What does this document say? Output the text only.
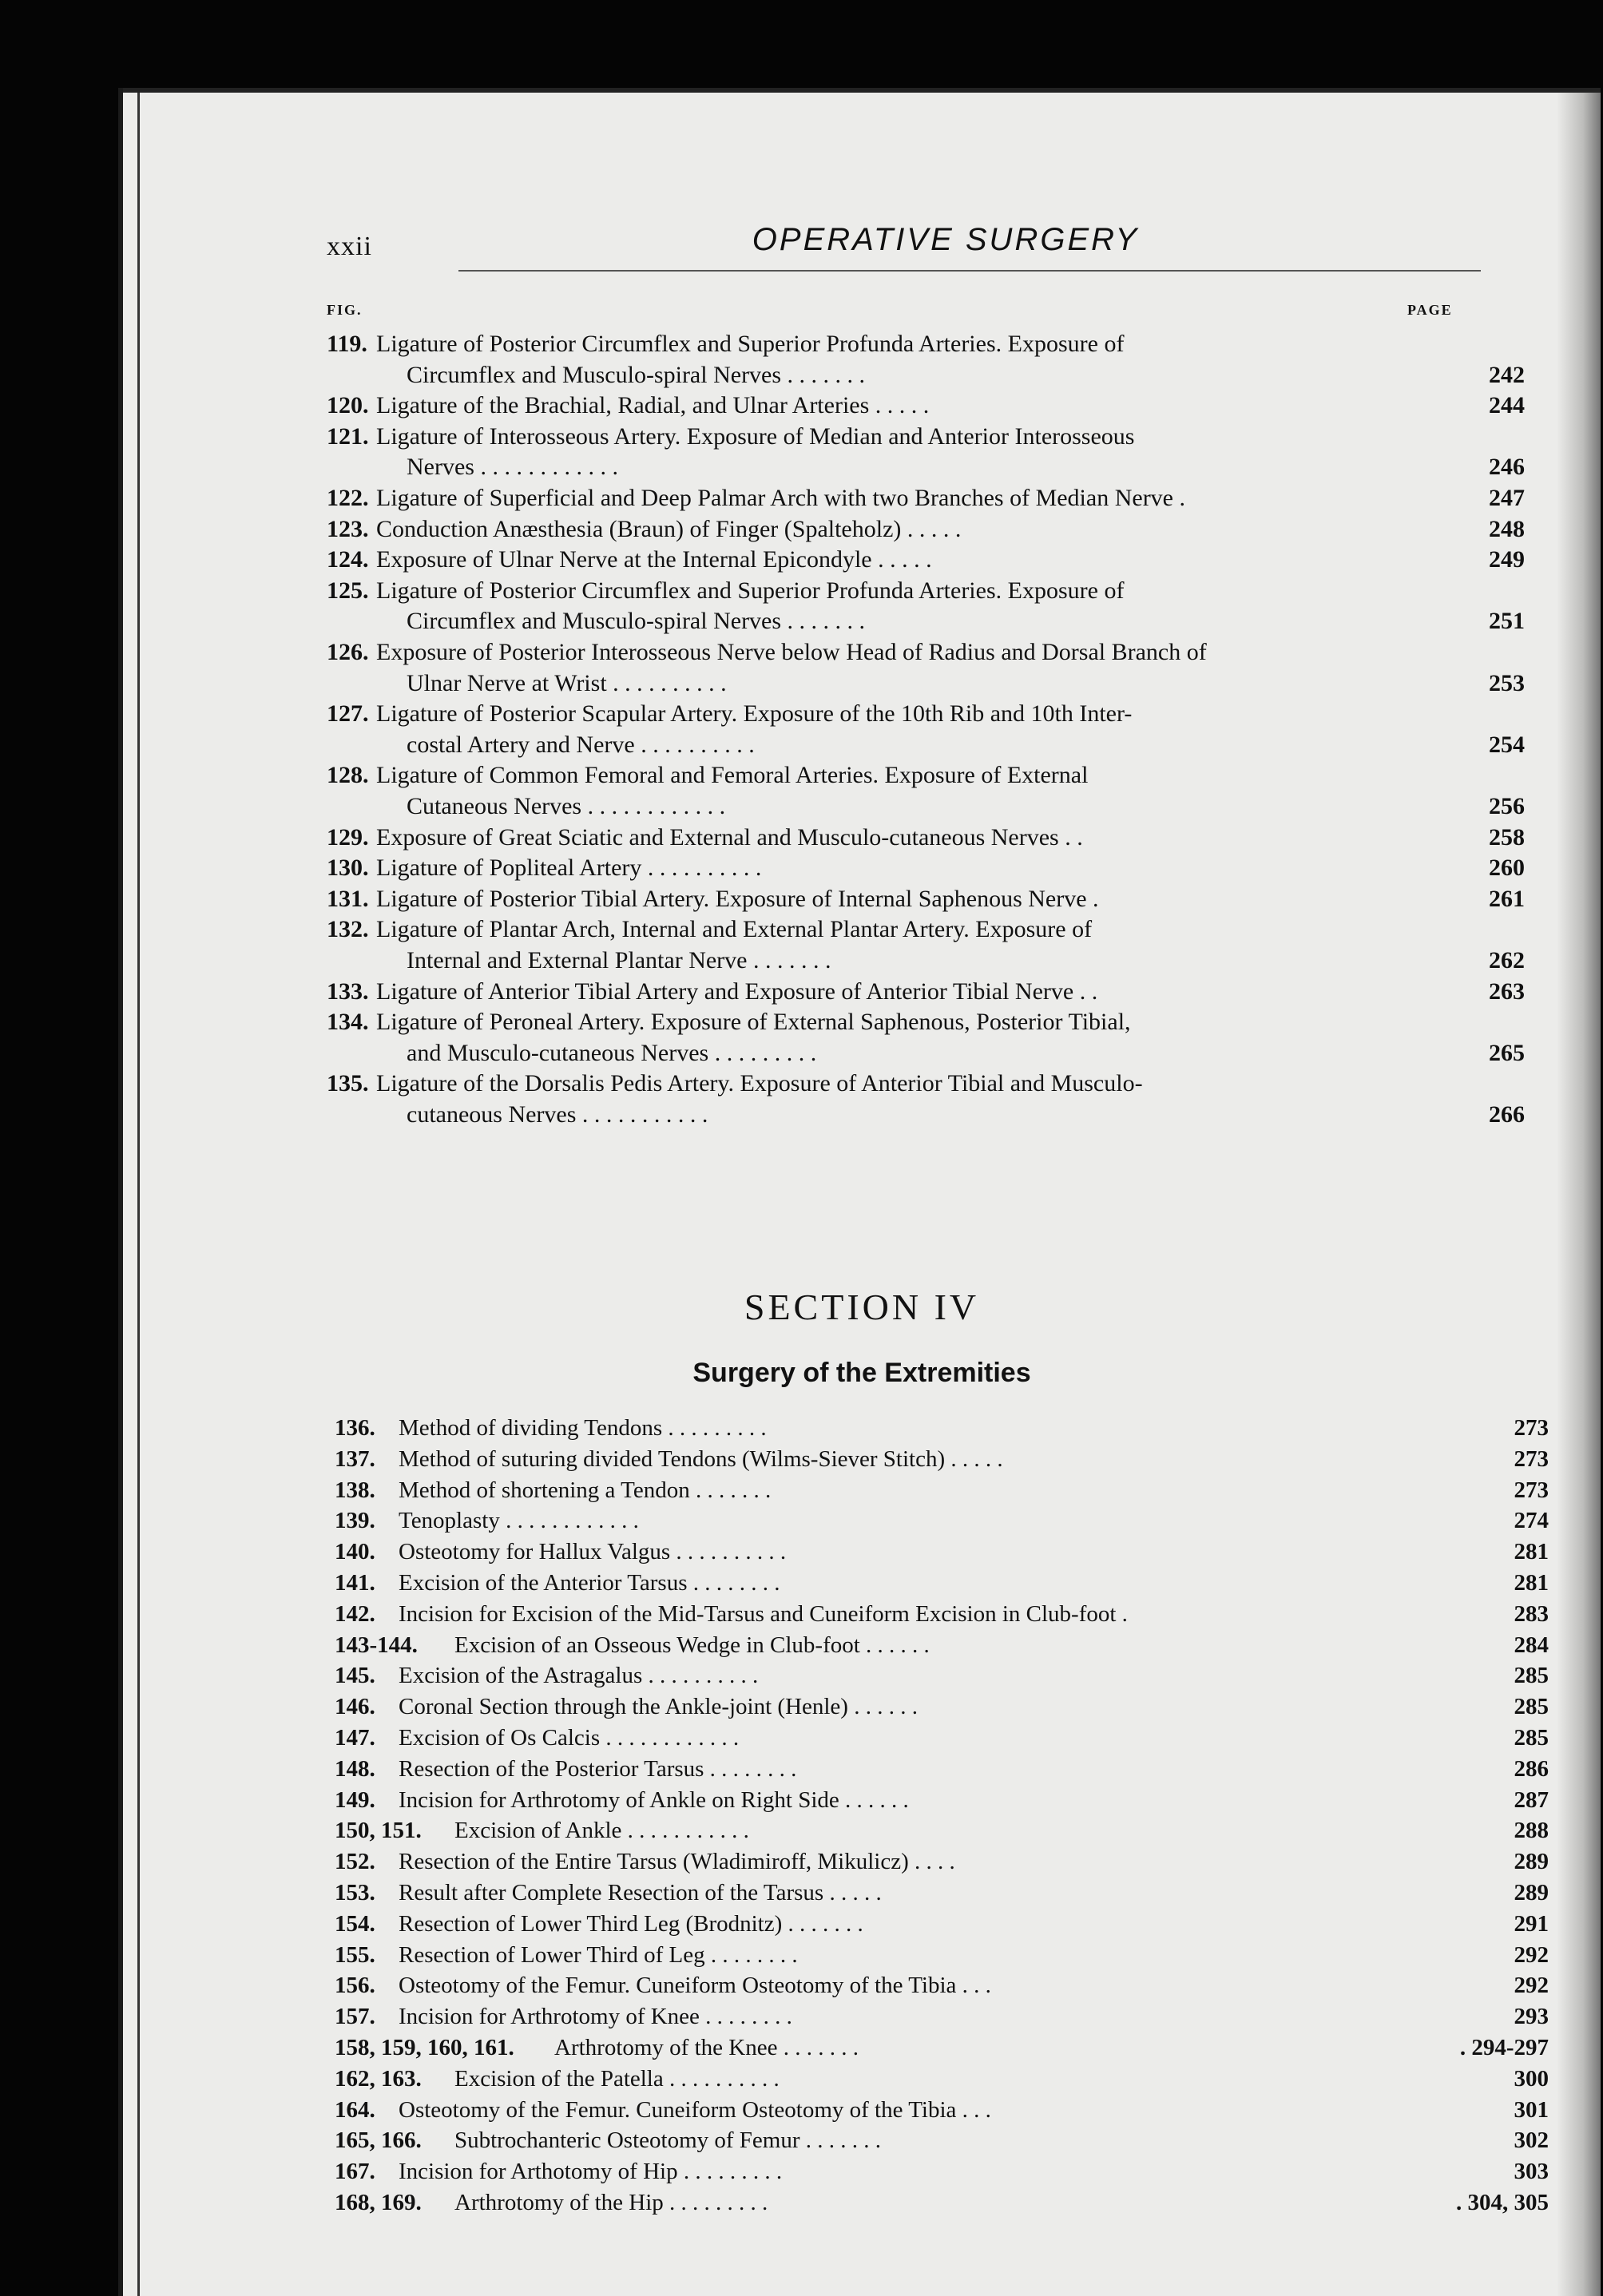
xxii	OPERATIVE SURGERY
FIG.	PAGE
119. Ligature of Posterior Circumflex and Superior Profunda Arteries. Exposure of
Circumflex and Musculo-spiral Nerves . . . . . . .	242
120. Ligature of the Brachial, Radial, and Ulnar Arteries . . . . .	244
121. Ligature of Interosseous Artery. Exposure of Median and Anterior Interosseous
Nerves . . . . . . . . . . . .	246
122. Ligature of Superficial and Deep Palmar Arch with two Branches of Median Nerve .	247
123. Conduction Anæsthesia (Braun) of Finger (Spalteholz) . . . . .	248
124. Exposure of Ulnar Nerve at the Internal Epicondyle . . . . .	249
125. Ligature of Posterior Circumflex and Superior Profunda Arteries. Exposure of
Circumflex and Musculo-spiral Nerves . . . . . . .	251
126. Exposure of Posterior Interosseous Nerve below Head of Radius and Dorsal Branch of
Ulnar Nerve at Wrist . . . . . . . . . .	253
127. Ligature of Posterior Scapular Artery. Exposure of the 10th Rib and 10th Inter-
costal Artery and Nerve . . . . . . . . . .	254
128. Ligature of Common Femoral and Femoral Arteries. Exposure of External
Cutaneous Nerves . . . . . . . . . . . .	256
129. Exposure of Great Sciatic and External and Musculo-cutaneous Nerves . .	258
130. Ligature of Popliteal Artery . . . . . . . . . .	260
131. Ligature of Posterior Tibial Artery. Exposure of Internal Saphenous Nerve .	261
132. Ligature of Plantar Arch, Internal and External Plantar Artery. Exposure of
Internal and External Plantar Nerve . . . . . . .	262
133. Ligature of Anterior Tibial Artery and Exposure of Anterior Tibial Nerve . .	263
134. Ligature of Peroneal Artery. Exposure of External Saphenous, Posterior Tibial,
and Musculo-cutaneous Nerves . . . . . . . . .	265
135. Ligature of the Dorsalis Pedis Artery. Exposure of Anterior Tibial and Musculo-
cutaneous Nerves . . . . . . . . . . .	266
SECTION IV
Surgery of the Extremities
136. Method of dividing Tendons . . . . . . . . .	273
137. Method of suturing divided Tendons (Wilms-Siever Stitch) . . . . .	273
138. Method of shortening a Tendon . . . . . . .	273
139. Tenoplasty . . . . . . . . . . . .	274
140. Osteotomy for Hallux Valgus . . . . . . . . . .	281
141. Excision of the Anterior Tarsus . . . . . . . .	281
142. Incision for Excision of the Mid-Tarsus and Cuneiform Excision in Club-foot .	283
143-144. Excision of an Osseous Wedge in Club-foot . . . . . .	284
145. Excision of the Astragalus . . . . . . . . . .	285
146. Coronal Section through the Ankle-joint (Henle) . . . . . .	285
147. Excision of Os Calcis . . . . . . . . . . . .	285
148. Resection of the Posterior Tarsus . . . . . . . .	286
149. Incision for Arthrotomy of Ankle on Right Side . . . . . .	287
150, 151. Excision of Ankle . . . . . . . . . . .	288
152. Resection of the Entire Tarsus (Wladimiroff, Mikulicz) . . . .	289
153. Result after Complete Resection of the Tarsus . . . . .	289
154. Resection of Lower Third Leg (Brodnitz) . . . . . . .	291
155. Resection of Lower Third of Leg . . . . . . . .	292
156. Osteotomy of the Femur. Cuneiform Osteotomy of the Tibia . . .	292
157. Incision for Arthrotomy of Knee . . . . . . . .	293
158, 159, 160, 161. Arthrotomy of the Knee . . . . . . .	. 294-297
162, 163. Excision of the Patella . . . . . . . . . .	300
164. Osteotomy of the Femur. Cuneiform Osteotomy of the Tibia . . .	301
165, 166. Subtrochanteric Osteotomy of Femur . . . . . . .	302
167. Incision for Arthotomy of Hip . . . . . . . . .	303
168, 169. Arthrotomy of the Hip . . . . . . . . .	. 304, 305
